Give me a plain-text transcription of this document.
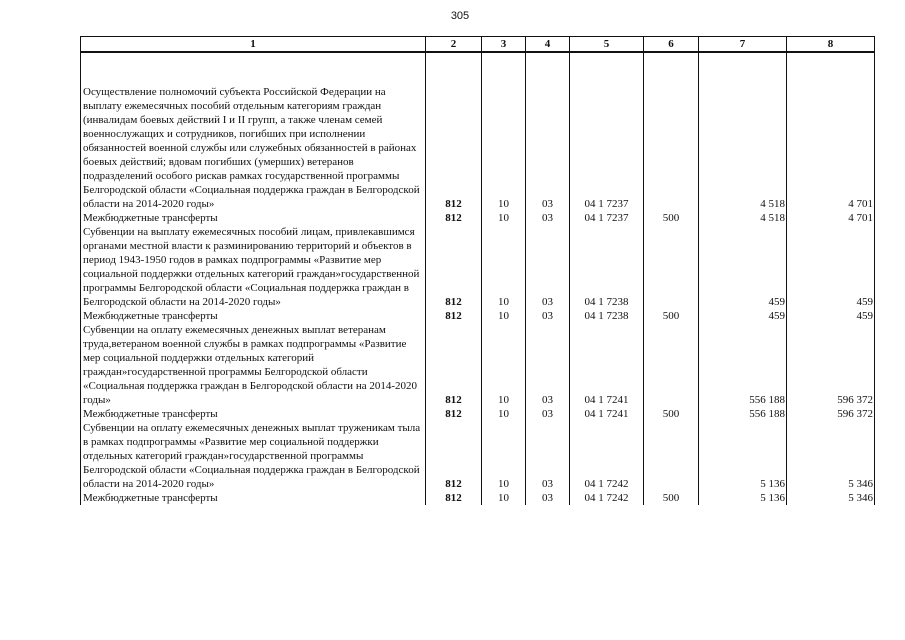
305
1	2	3	4	5	6	7	8

Осуществление полномочий субъекта Российской Федерации на выплату ежемесячных пособий отдельным категориям граждан (инвалидам боевых действий I и II групп, а также членам семей военнослужащих и сотрудников, погибших при исполнении обязанностей военной службы или служебных обязанностей в районах боевых действий; вдовам погибших (умерших) ветеранов подразделений особого рискав рамках государственной программы Белгородской области «Социальная поддержка граждан в Белгородской области на 2014-2020 годы»	812	10	03	04 1 7237		4 518	4 701
Межбюджетные трансферты	812	10	03	04 1 7237	500	4 518	4 701
Субвенции на выплату ежемесячных пособий лицам, привлекавшимся органами местной власти к разминированию территорий и объектов в период 1943-1950 годов в рамках подпрограммы «Развитие мер социальной поддержки отдельных категорий граждан»государственной программы Белгородской области «Социальная поддержка граждан в Белгородской области на 2014-2020 годы»	812	10	03	04 1 7238		459	459
Межбюджетные трансферты	812	10	03	04 1 7238	500	459	459
Субвенции на оплату ежемесячных денежных выплат ветеранам труда,ветераном военной службы в рамках подпрограммы «Развитие мер социальной поддержки отдельных категорий граждан»государственной программы Белгородской области «Социальная поддержка граждан в Белгородской области на 2014-2020 годы»	812	10	03	04 1 7241		556 188	596 372
Межбюджетные трансферты	812	10	03	04 1 7241	500	556 188	596 372
Субвенции на оплату ежемесячных денежных выплат труженикам тыла в рамках подпрограммы «Развитие мер социальной поддержки отдельных категорий граждан»государственной программы Белгородской области «Социальная поддержка граждан в Белгородской области на 2014-2020 годы»	812	10	03	04 1 7242		5 136	5 346
Межбюджетные трансферты	812	10	03	04 1 7242	500	5 136	5 346
